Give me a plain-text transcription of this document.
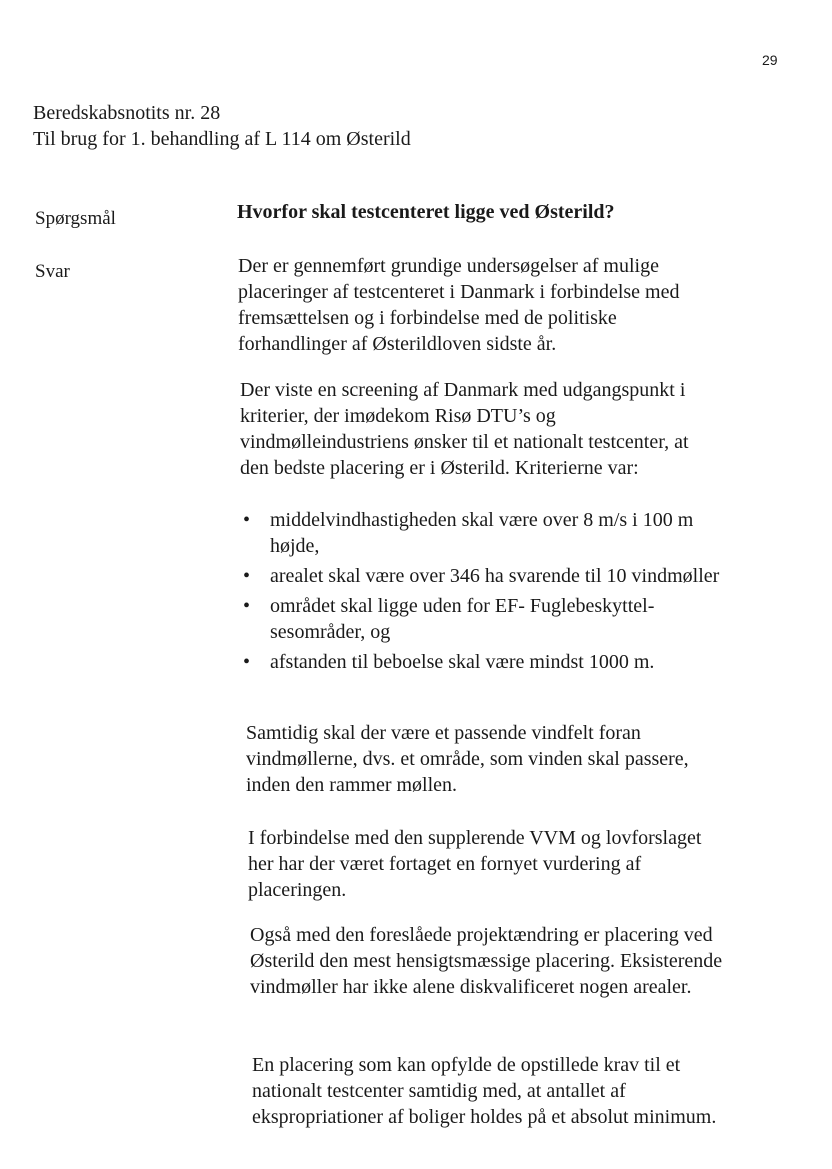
29
Beredskabsnotits nr. 28
Til brug for 1. behandling af L 114 om Østerild
Spørgsmål
Svar
Hvorfor skal testcenteret ligge ved Østerild?
Der er gennemført grundige undersøgelser af mulige placeringer af testcenteret i Danmark i forbindelse med fremsættelsen og i forbindelse med de politiske forhandlinger af Østerildloven sidste år.
Der viste en screening af Danmark med udgangspunkt i kriterier, der imødekom Risø DTU’s og vindmølleindustriens ønsker til et nationalt testcenter, at den bedste placering er i Østerild. Kriterierne var:
• middelvindhastigheden skal være over 8 m/s i 100 m højde,
• arealet skal være over 346 ha svarende til 10 vindmøller
• området skal ligge uden for EF- Fuglebeskyttel-sesområder, og
• afstanden til beboelse skal være mindst 1000 m.
Samtidig skal der være et passende vindfelt foran vindmøllerne, dvs. et område, som vinden skal passere, inden den rammer møllen.
I forbindelse med den supplerende VVM og lovforslaget her har der været fortaget en fornyet vurdering af placeringen.
Også med den foreslåede projektændring er placering ved Østerild den mest hensigtsmæssige placering. Eksisterende vindmøller har ikke alene diskvalificeret nogen arealer.
En placering som kan opfylde de opstillede krav til et nationalt testcenter samtidig med, at antallet af ekspropriationer af boliger holdes på et absolut minimum.
